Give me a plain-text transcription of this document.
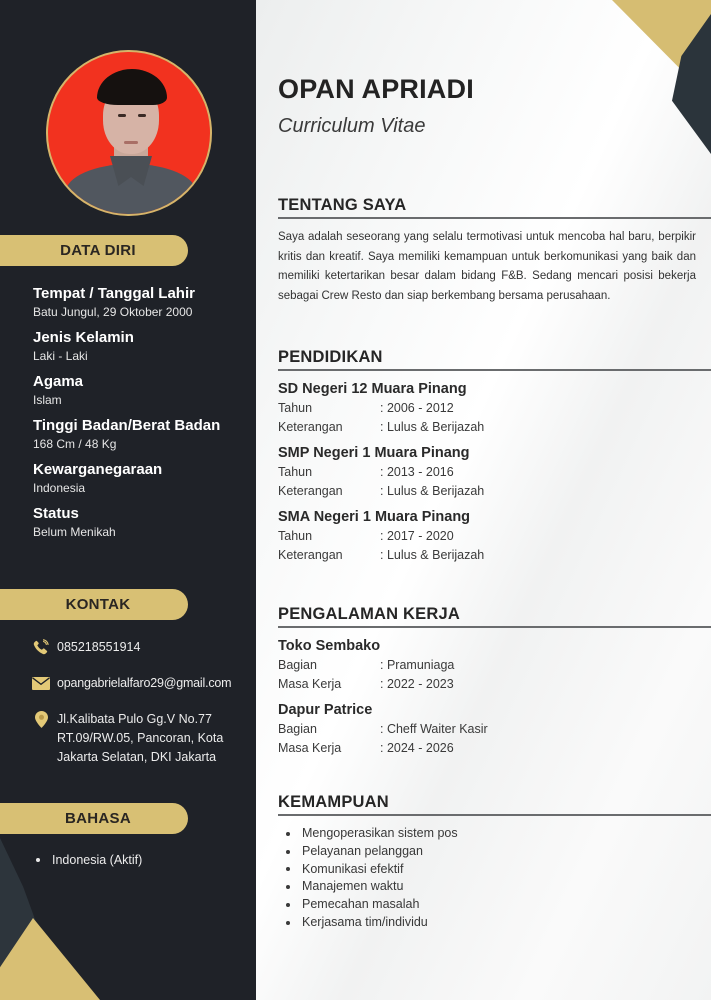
DATA DIRI
Tempat / Tanggal Lahir
Batu Jungul, 29 Oktober 2000
Jenis Kelamin
Laki - Laki
Agama
Islam
Tinggi Badan/Berat Badan
168 Cm / 48 Kg
Kewarganegaraan
Indonesia
Status
Belum Menikah
KONTAK
085218551914
opangabrielalfaro29@gmail.com
Jl.Kalibata Pulo Gg.V No.77
RT.09/RW.05, Pancoran, Kota
Jakarta Selatan, DKI Jakarta
BAHASA
Indonesia (Aktif)
OPAN APRIADI
Curriculum Vitae
TENTANG SAYA

Saya adalah seseorang yang selalu termotivasi untuk mencoba hal baru, berpikir kritis dan kreatif. Saya memiliki kemampuan untuk berkomunikasi yang baik dan memiliki ketertarikan besar dalam bidang F&B. Sedang mencari posisi bekerja sebagai Crew Resto dan siap berkembang bersama perusahaan.

PENDIDIKAN
SD Negeri 12 Muara Pinang
Tahun	: 2006 - 2012
Keterangan	: Lulus & Berijazah
SMP Negeri 1 Muara Pinang
Tahun	: 2013 - 2016
Keterangan	: Lulus & Berijazah
SMA Negeri 1 Muara Pinang
Tahun	: 2017 - 2020
Keterangan	: Lulus & Berijazah
PENGALAMAN KERJA
Toko Sembako
Bagian	: Pramuniaga
Masa Kerja	: 2022 - 2023
Dapur Patrice
Bagian	: Cheff Waiter Kasir
Masa Kerja	: 2024 - 2026
KEMAMPUAN
Mengoperasikan sistem pos
Pelayanan pelanggan
Komunikasi efektif
Manajemen waktu
Pemecahan masalah
Kerjasama tim/individu
